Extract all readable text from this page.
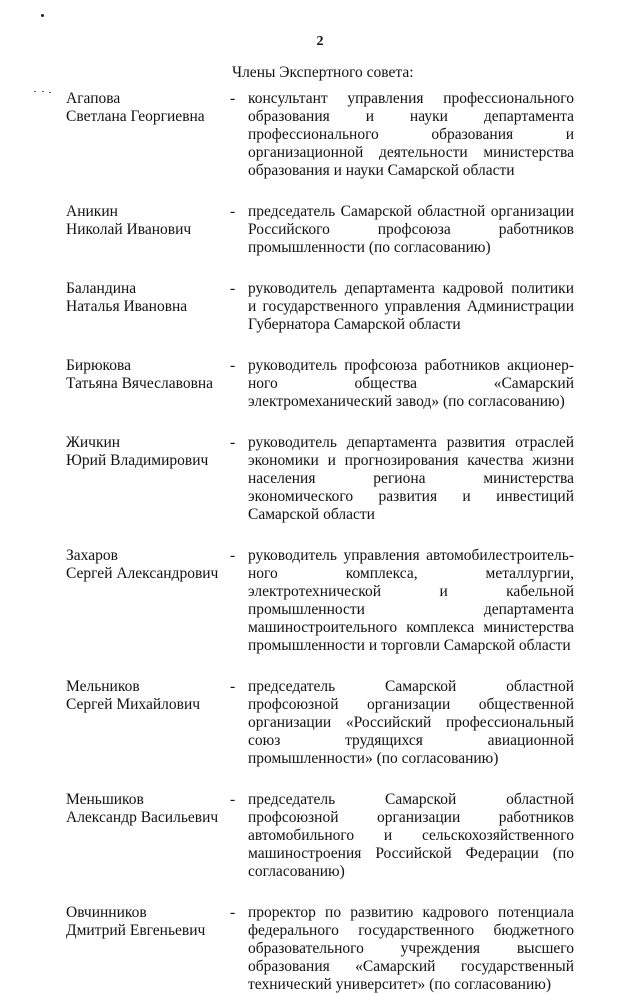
2
Члены Экспертного совета:
Агапова
Светлана Георгиевна
- консультант управления профессионального образования и науки департамента профессионального образования и организационной деятельности министерства образования и науки Самарской области
Аникин
Николай Иванович
- председатель Самарской областной организации Российского профсоюза работников промышленности (по согласованию)
Баландина
Наталья Ивановна
- руководитель департамента кадровой политики и государственного управления Администрации Губернатора Самарской области
Бирюкова
Татьяна Вячеславовна
- руководитель профсоюза работников акционерного общества «Самарский электромеханический завод» (по согласованию)
Жичкин
Юрий Владимирович
- руководитель департамента развития отраслей экономики и прогнозирования качества жизни населения региона министерства экономического развития и инвестиций Самарской области
Захаров
Сергей Александрович
- руководитель управления автомобилестроительного комплекса, металлургии, электротехнической и кабельной промышленности департамента машиностроительного комплекса министерства промышленности и торговли Самарской области
Мельников
Сергей Михайлович
- председатель Самарской областной профсоюзной организации общественной организации «Российский профессиональный союз трудящихся авиационной промышленности» (по согласованию)
Меньшиков
Александр Васильевич
- председатель Самарской областной профсоюзной организации работников автомобильного и сельскохозяйственного машиностроения Российской Федерации (по согласованию)
Овчинников
Дмитрий Евгеньевич
- проректор по развитию кадрового потенциала федерального государственного бюджетного образовательного учреждения высшего образования «Самарский государственный технический университет» (по согласованию)
